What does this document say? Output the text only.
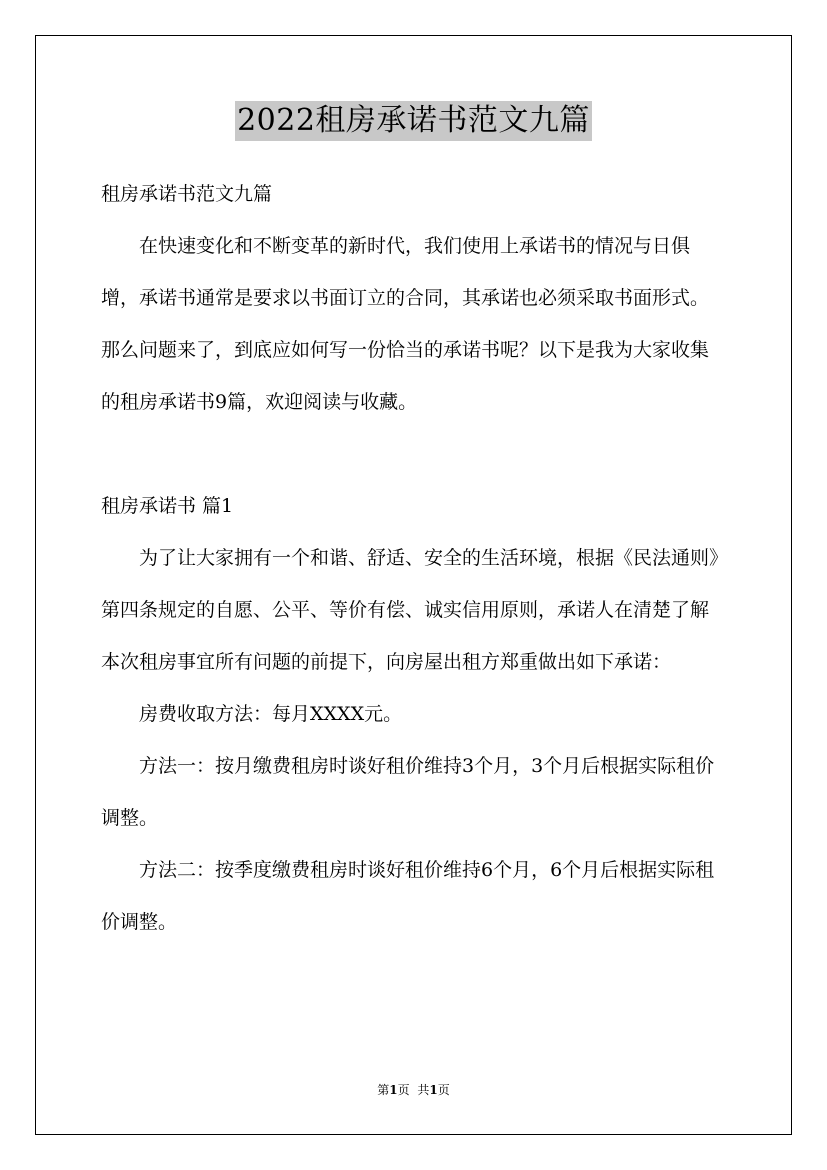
2022租房承诺书范文九篇

租房承诺书范文九篇

在快速变化和不断变革的新时代，我们使用上承诺书的情况与日俱增，承诺书通常是要求以书面订立的合同，其承诺也必须采取书面形式。那么问题来了，到底应如何写一份恰当的承诺书呢？以下是我为大家收集的租房承诺书9篇，欢迎阅读与收藏。

租房承诺书 篇1

为了让大家拥有一个和谐、舒适、安全的生活环境，根据《民法通则》第四条规定的自愿、公平、等价有偿、诚实信用原则，承诺人在清楚了解本次租房事宜所有问题的前提下，向房屋出租方郑重做出如下承诺：

房费收取方法：每月XXXX元。

方法一：按月缴费租房时谈好租价维持3个月，3个月后根据实际租价调整。

方法二：按季度缴费租房时谈好租价维持6个月，6个月后根据实际租价调整。

第1页 共1页
